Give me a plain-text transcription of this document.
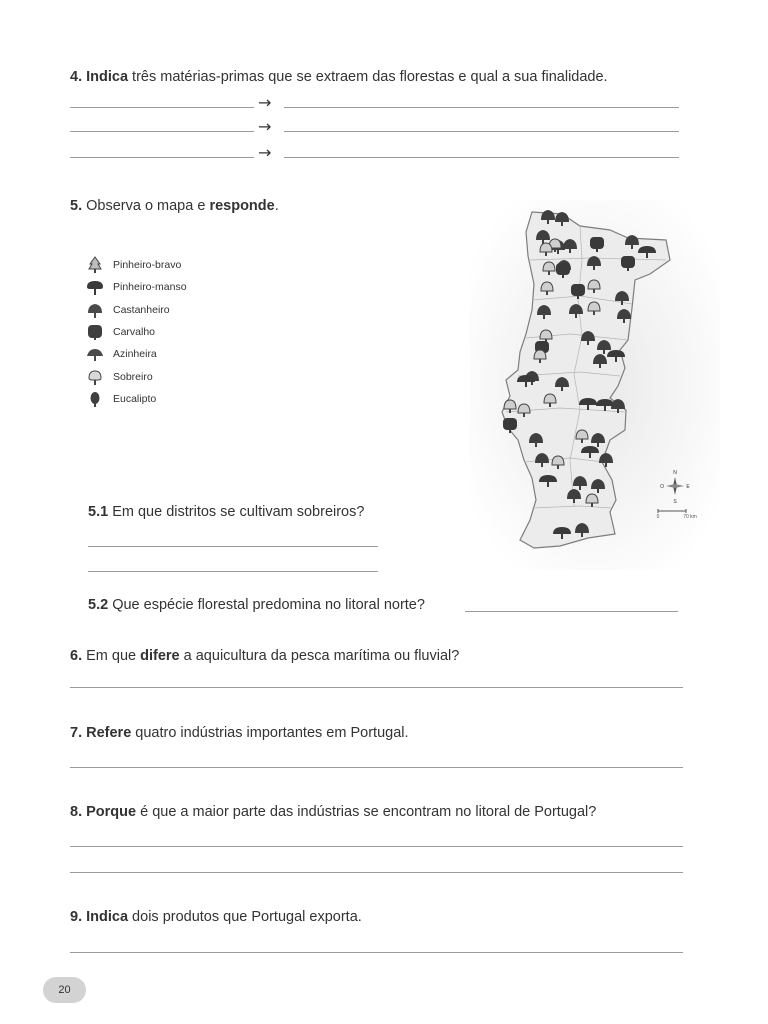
4. Indica três matérias-primas que se extraem das florestas e qual a sua finalidade.
→
→
→
5. Observa o mapa e responde.
Pinheiro-bravo
Pinheiro-manso
Castanheiro
Carvalho
Azinheira
Sobreiro
Eucalipto
N
S
E
O
0	70 km
5.1 Em que distritos se cultivam sobreiros?
5.2 Que espécie florestal predomina no litoral norte?
6. Em que difere a aquicultura da pesca marítima ou fluvial?
7. Refere quatro indústrias importantes em Portugal.
8. Porque é que a maior parte das indústrias se encontram no litoral de Portugal?
9. Indica dois produtos que Portugal exporta.
20
